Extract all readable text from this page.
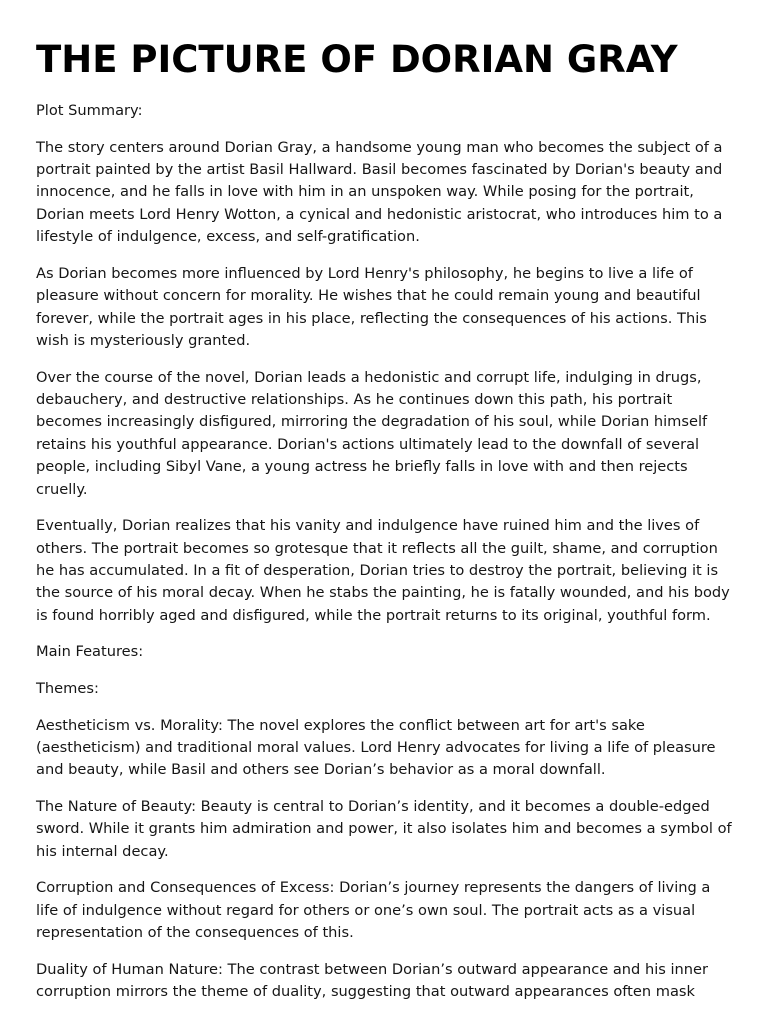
THE PICTURE OF DORIAN GRAY

Plot Summary:

The story centers around Dorian Gray, a handsome young man who becomes the subject of a portrait painted by the artist Basil Hallward. Basil becomes fascinated by Dorian's beauty and innocence, and he falls in love with him in an unspoken way. While posing for the portrait, Dorian meets Lord Henry Wotton, a cynical and hedonistic aristocrat, who introduces him to a lifestyle of indulgence, excess, and self-gratification.

As Dorian becomes more influenced by Lord Henry's philosophy, he begins to live a life of pleasure without concern for morality. He wishes that he could remain young and beautiful forever, while the portrait ages in his place, reflecting the consequences of his actions. This wish is mysteriously granted.

Over the course of the novel, Dorian leads a hedonistic and corrupt life, indulging in drugs, debauchery, and destructive relationships. As he continues down this path, his portrait becomes increasingly disfigured, mirroring the degradation of his soul, while Dorian himself retains his youthful appearance. Dorian's actions ultimately lead to the downfall of several people, including Sibyl Vane, a young actress he briefly falls in love with and then rejects cruelly.

Eventually, Dorian realizes that his vanity and indulgence have ruined him and the lives of others. The portrait becomes so grotesque that it reflects all the guilt, shame, and corruption he has accumulated. In a fit of desperation, Dorian tries to destroy the portrait, believing it is the source of his moral decay. When he stabs the painting, he is fatally wounded, and his body is found horribly aged and disfigured, while the portrait returns to its original, youthful form.

Main Features:

Themes:

Aestheticism vs. Morality: The novel explores the conflict between art for art's sake (aestheticism) and traditional moral values. Lord Henry advocates for living a life of pleasure and beauty, while Basil and others see Dorian’s behavior as a moral downfall.

The Nature of Beauty: Beauty is central to Dorian’s identity, and it becomes a double-edged sword. While it grants him admiration and power, it also isolates him and becomes a symbol of his internal decay.

Corruption and Consequences of Excess: Dorian’s journey represents the dangers of living a life of indulgence without regard for others or one’s own soul. The portrait acts as a visual representation of the consequences of this.

Duality of Human Nature: The contrast between Dorian’s outward appearance and his inner corruption mirrors the theme of duality, suggesting that outward appearances often mask
